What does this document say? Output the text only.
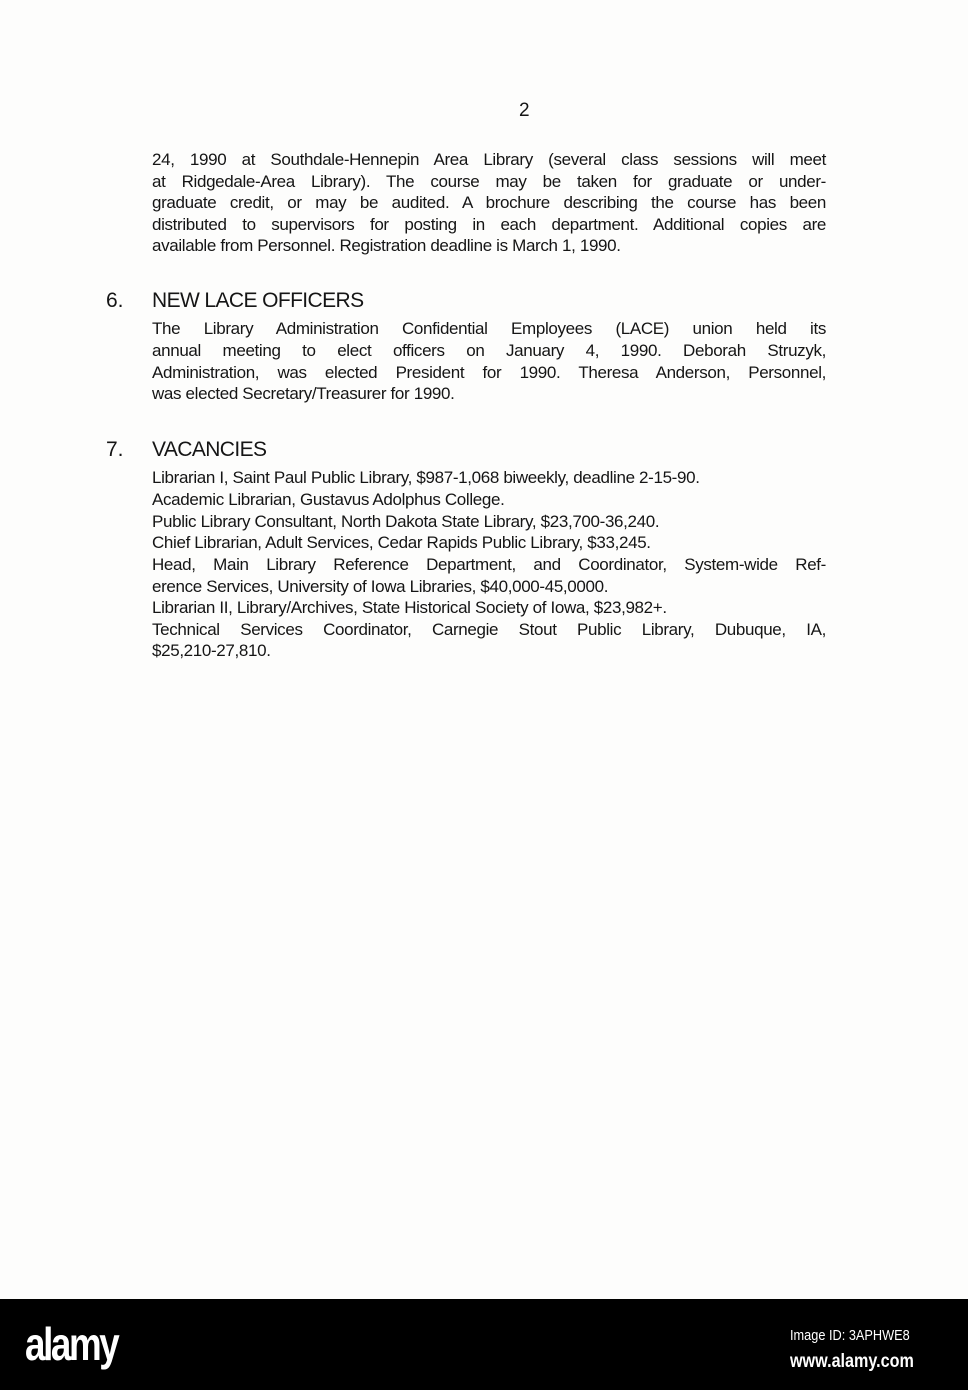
2
24, 1990 at Southdale-Hennepin Area Library (several class sessions will meet
at Ridgedale-Area Library). The course may be taken for graduate or under-
graduate credit, or may be audited. A brochure describing the course has been
distributed to supervisors for posting in each department. Additional copies are
available from Personnel. Registration deadline is March 1, 1990.
6. NEW LACE OFFICERS
The Library Administration Confidential Employees (LACE) union held its
annual meeting to elect officers on January 4, 1990. Deborah Struzyk,
Administration, was elected President for 1990. Theresa Anderson, Personnel,
was elected Secretary/Treasurer for 1990.
7. VACANCIES
Librarian I, Saint Paul Public Library, $987-1,068 biweekly, deadline 2-15-90.
Academic Librarian, Gustavus Adolphus College.
Public Library Consultant, North Dakota State Library, $23,700-36,240.
Chief Librarian, Adult Services, Cedar Rapids Public Library, $33,245.
Head, Main Library Reference Department, and Coordinator, System-wide Ref-
erence Services, University of Iowa Libraries, $40,000-45,0000.
Librarian II, Library/Archives, State Historical Society of Iowa, $23,982+.
Technical Services Coordinator, Carnegie Stout Public Library, Dubuque, IA,
$25,210-27,810.
alamy	Image ID: 3APHWE8
www.alamy.com
